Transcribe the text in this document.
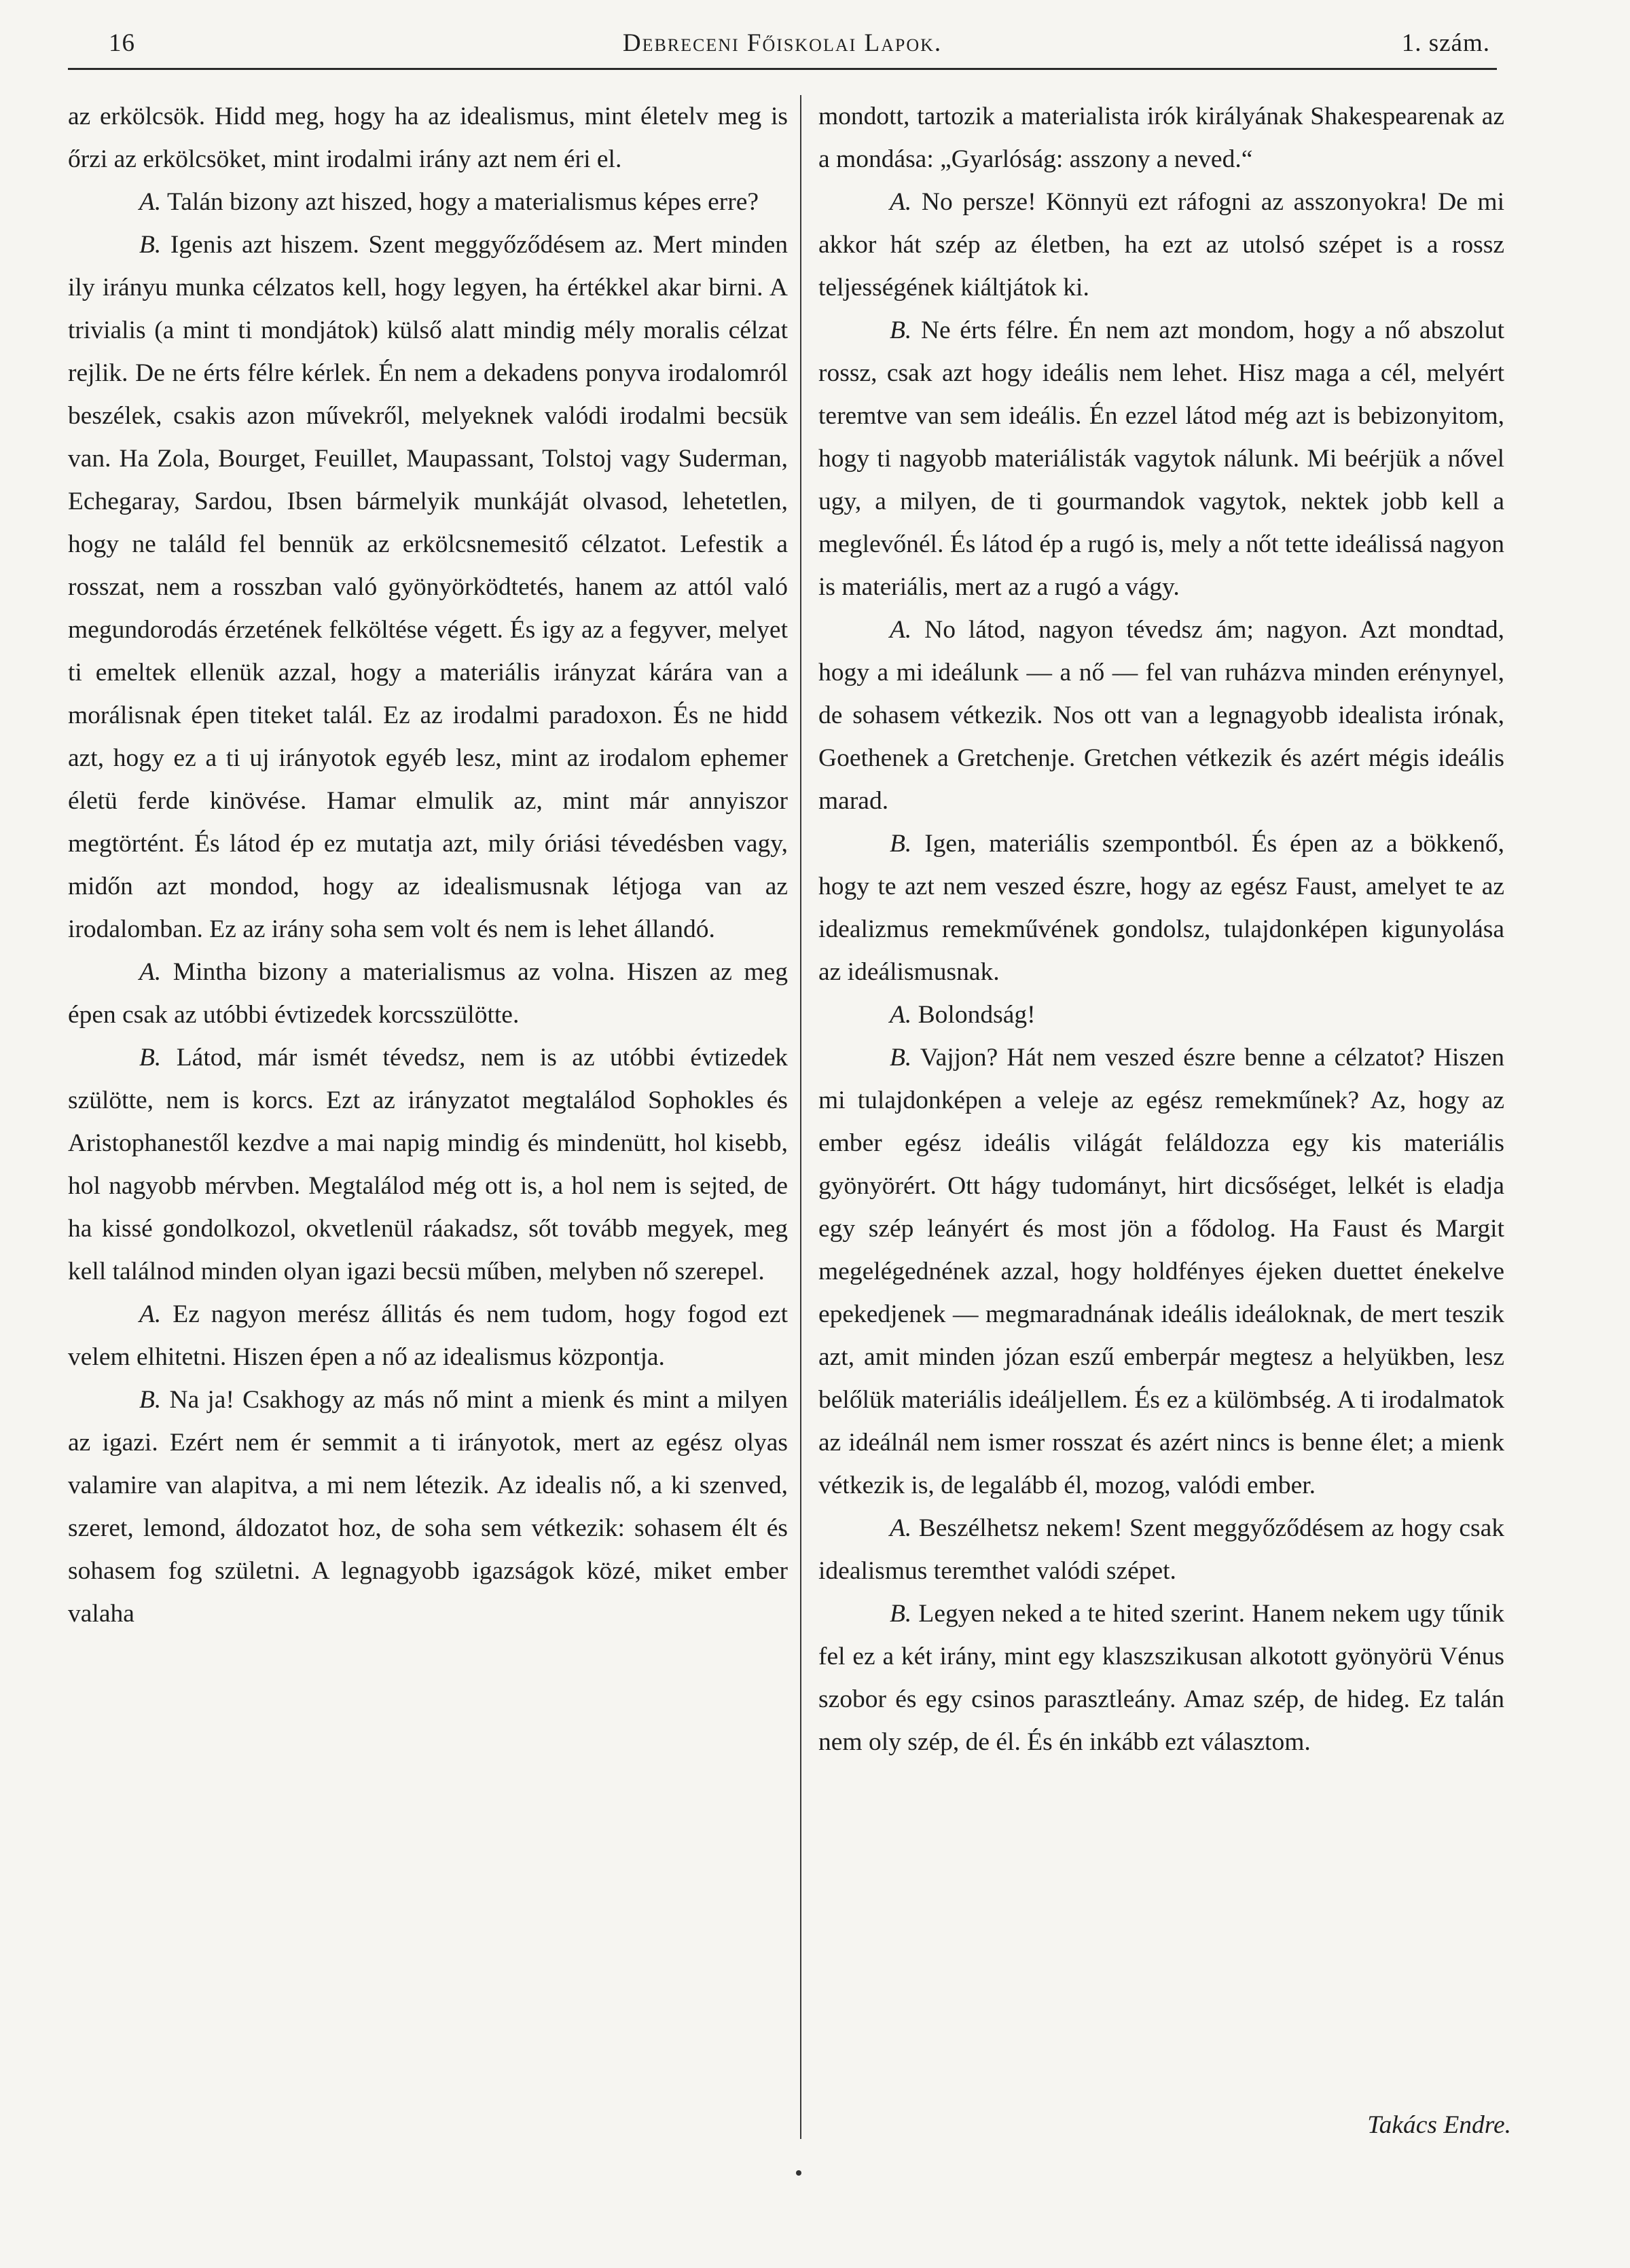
16	Debreceni Főiskolai Lapok.	1. szám.

az erkölcsök. Hidd meg, hogy ha az idealismus, mint életelv meg is őrzi az erkölcsöket, mint irodalmi irány azt nem éri el.

A. Talán bizony azt hiszed, hogy a materialismus képes erre?

B. Igenis azt hiszem. Szent meggyőződésem az. Mert minden ily irányu munka célzatos kell, hogy legyen, ha értékkel akar birni. A trivialis (a mint ti mondjátok) külső alatt mindig mély moralis célzat rejlik. De ne érts félre kérlek. Én nem a dekadens ponyva irodalomról beszélek, csakis azon művekről, melyeknek valódi irodalmi becsük van. Ha Zola, Bourget, Feuillet, Maupassant, Tolstoj vagy Suderman, Echegaray, Sardou, Ibsen bármelyik munkáját olvasod, lehetetlen, hogy ne találd fel bennük az erkölcsnemesitő célzatot. Lefestik a rosszat, nem a rosszban való gyönyörködtetés, hanem az attól való megundorodás érzetének felköltése végett. És igy az a fegyver, melyet ti emeltek ellenük azzal, hogy a materiális irányzat kárára van a morálisnak épen titeket talál. Ez az irodalmi paradoxon. És ne hidd azt, hogy ez a ti uj irányotok egyéb lesz, mint az irodalom ephemer életü ferde kinövése. Hamar elmulik az, mint már annyiszor megtörtént. És látod ép ez mutatja azt, mily óriási tévedésben vagy, midőn azt mondod, hogy az idealismusnak létjoga van az irodalomban. Ez az irány soha sem volt és nem is lehet állandó.

A. Mintha bizony a materialismus az volna. Hiszen az meg épen csak az utóbbi évtizedek korcsszülötte.

B. Látod, már ismét tévedsz, nem is az utóbbi évtizedek szülötte, nem is korcs. Ezt az irányzatot megtalálod Sophokles és Aristophanestől kezdve a mai napig mindig és mindenütt, hol kisebb, hol nagyobb mérvben. Megtalálod még ott is, a hol nem is sejted, de ha kissé gondolkozol, okvetlenül ráakadsz, sőt tovább megyek, meg kell találnod minden olyan igazi becsü műben, melyben nő szerepel.

A. Ez nagyon merész állitás és nem tudom, hogy fogod ezt velem elhitetni. Hiszen épen a nő az idealismus központja.

B. Na ja! Csakhogy az más nő mint a mienk és mint a milyen az igazi. Ezért nem ér semmit a ti irányotok, mert az egész olyas valamire van alapitva, a mi nem létezik. Az idealis nő, a ki szenved, szeret, lemond, áldozatot hoz, de soha sem vétkezik: sohasem élt és sohasem fog születni. A legnagyobb igazságok közé, miket ember valaha

mondott, tartozik a materialista irók királyának Shakespearenak az a mondása: „Gyarlóság: asszony a neved.“

A. No persze! Könnyü ezt ráfogni az asszonyokra! De mi akkor hát szép az életben, ha ezt az utolsó szépet is a rossz teljességének kiáltjátok ki.

B. Ne érts félre. Én nem azt mondom, hogy a nő abszolut rossz, csak azt hogy ideális nem lehet. Hisz maga a cél, melyért teremtve van sem ideális. Én ezzel látod még azt is bebizonyitom, hogy ti nagyobb materiálisták vagytok nálunk. Mi beérjük a nővel ugy, a milyen, de ti gourmandok vagytok, nektek jobb kell a meglevőnél. És látod ép a rugó is, mely a nőt tette ideálissá nagyon is materiális, mert az a rugó a vágy.

A. No látod, nagyon tévedsz ám; nagyon. Azt mondtad, hogy a mi ideálunk — a nő — fel van ruházva minden erénynyel, de sohasem vétkezik. Nos ott van a legnagyobb idealista irónak, Goethenek a Gretchenje. Gretchen vétkezik és azért mégis ideális marad.

B. Igen, materiális szempontból. És épen az a bökkenő, hogy te azt nem veszed észre, hogy az egész Faust, amelyet te az idealizmus remekművének gondolsz, tulajdonképen kigunyolása az ideálismusnak.

A. Bolondság!

B. Vajjon? Hát nem veszed észre benne a célzatot? Hiszen mi tulajdonképen a veleje az egész remekműnek? Az, hogy az ember egész ideális világát feláldozza egy kis materiális gyönyörért. Ott hágy tudományt, hirt dicsőséget, lelkét is eladja egy szép leányért és most jön a fődolog. Ha Faust és Margit megelégednének azzal, hogy holdfényes éjeken duettet énekelve epekedjenek — megmaradnának ideális ideáloknak, de mert teszik azt, amit minden józan eszű emberpár megtesz a helyükben, lesz belőlük materiális ideáljellem. És ez a külömbség. A ti irodalmatok az ideálnál nem ismer rosszat és azért nincs is benne élet; a mienk vétkezik is, de legalább él, mozog, valódi ember.

A. Beszélhetsz nekem! Szent meggyőződésem az hogy csak idealismus teremthet valódi szépet.

B. Legyen neked a te hited szerint. Hanem nekem ugy tűnik fel ez a két irány, mint egy klaszszikusan alkotott gyönyörü Vénus szobor és egy csinos parasztleány. Amaz szép, de hideg. Ez talán nem oly szép, de él. És én inkább ezt választom.

Takács Endre.
